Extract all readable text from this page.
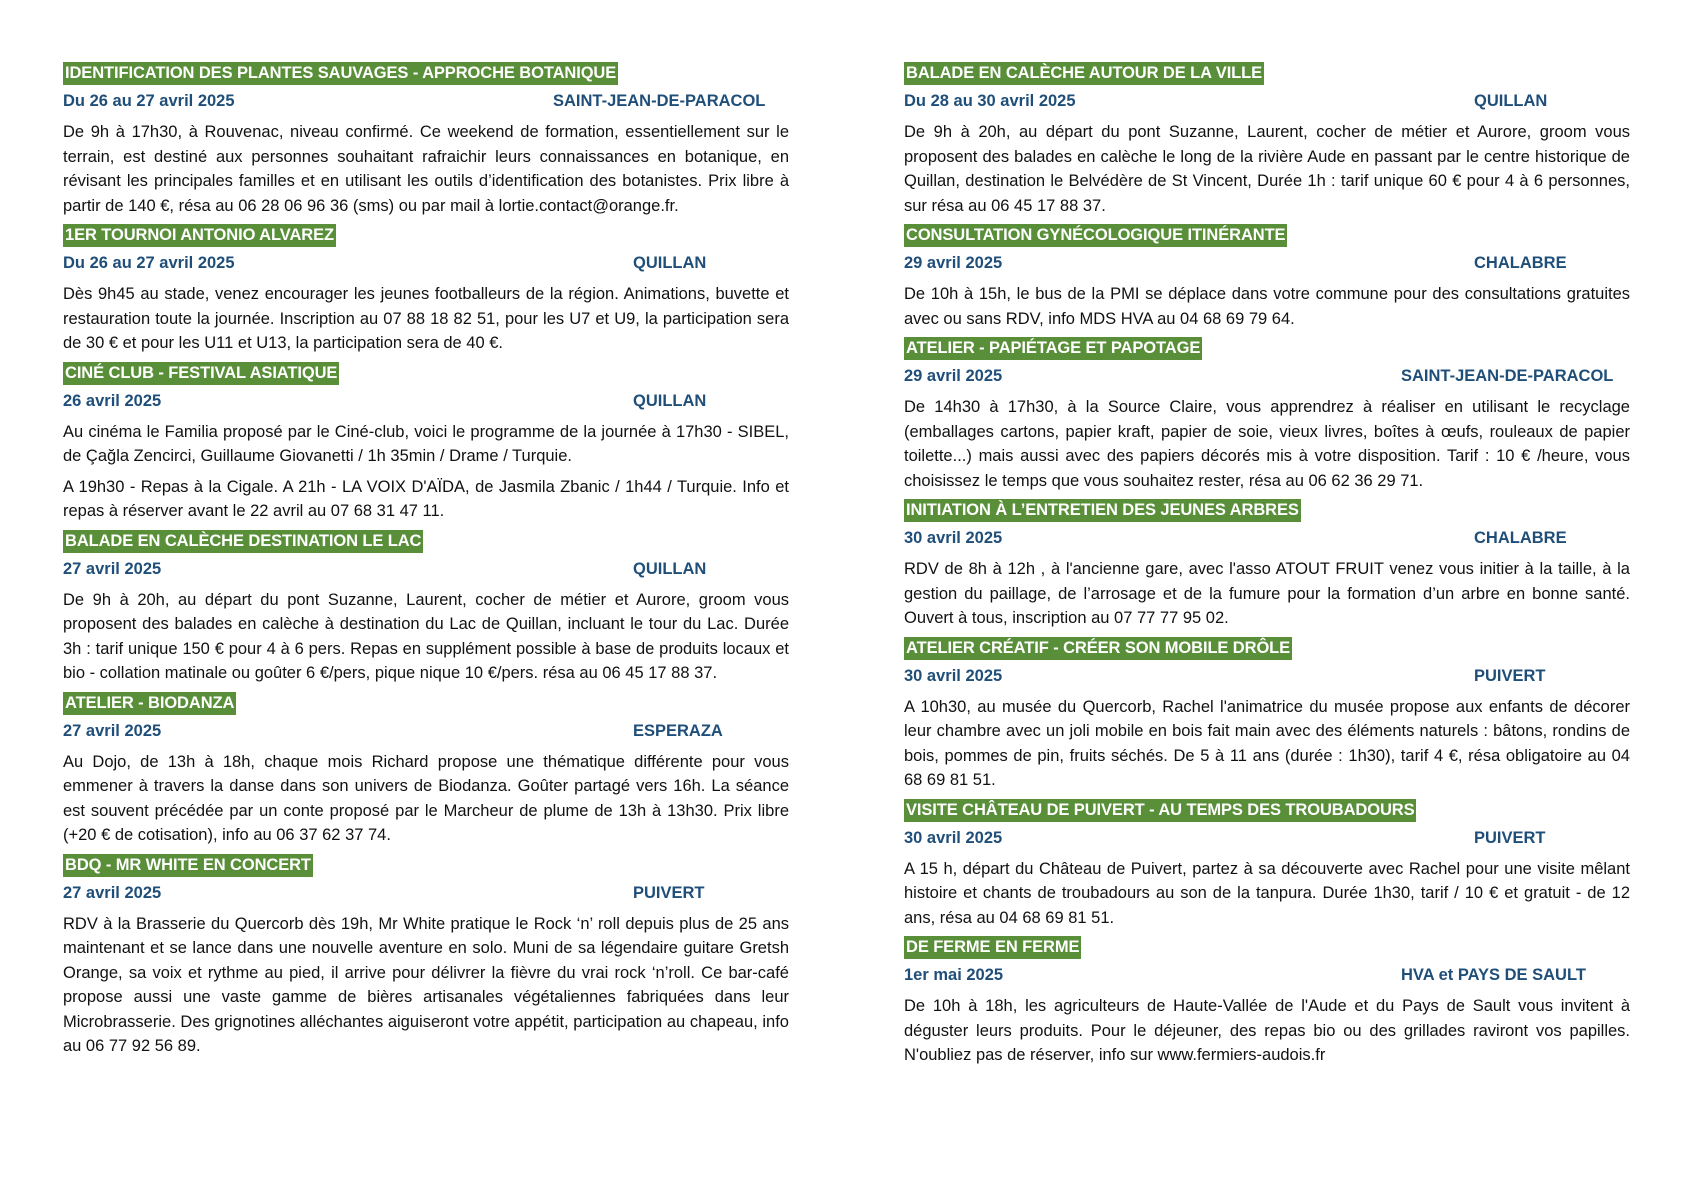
IDENTIFICATION DES PLANTES SAUVAGES - APPROCHE BOTANIQUE
Du 26 au 27 avril 2025	SAINT-JEAN-DE-PARACOL

De 9h à 17h30, à Rouvenac, niveau confirmé. Ce weekend de formation, essentiellement sur le terrain, est destiné aux personnes souhaitant rafraichir leurs connaissances en botanique, en révisant les principales familles et en utilisant les outils d’identification des botanistes. Prix libre à partir de 140 €, résa au 06 28 06 96 36 (sms) ou par mail à lortie.contact@orange.fr.

1ER TOURNOI ANTONIO ALVAREZ
Du 26 au 27 avril 2025	QUILLAN

Dès 9h45 au stade, venez encourager les jeunes footballeurs de la région. Animations, buvette et restauration toute la journée. Inscription au 07 88 18 82 51, pour les U7 et U9, la participation sera de 30 € et pour les U11 et U13, la participation sera de 40 €.

CINÉ CLUB - FESTIVAL ASIATIQUE
26 avril 2025	QUILLAN

Au cinéma le Familia proposé par le Ciné-club, voici le programme de la journée à 17h30 - SIBEL, de Çağla Zencirci, Guillaume Giovanetti / 1h 35min / Drame / Turquie.

A 19h30 - Repas à la Cigale. A 21h - LA VOIX D'AÏDA, de Jasmila Zbanic / 1h44 / Turquie. Info et repas à réserver avant le 22 avril au 07 68 31 47 11.

BALADE EN CALÈCHE DESTINATION LE LAC
27 avril 2025	QUILLAN

De 9h à 20h, au départ du pont Suzanne, Laurent, cocher de métier et Aurore, groom vous proposent des balades en calèche à destination du Lac de Quillan, incluant le tour du Lac. Durée 3h : tarif unique 150 € pour 4 à 6 pers. Repas en supplément possible à base de produits locaux et bio - collation matinale ou goûter 6 €/pers, pique nique 10 €/pers. résa au 06 45 17 88 37.

ATELIER - BIODANZA
27 avril 2025	ESPERAZA

Au Dojo, de 13h à 18h, chaque mois Richard propose une thématique différente pour vous emmener à travers la danse dans son univers de Biodanza. Goûter partagé vers 16h. La séance est souvent précédée par un conte proposé par le Marcheur de plume de 13h à 13h30. Prix libre (+20 € de cotisation), info au 06 37 62 37 74.

BDQ - MR WHITE EN CONCERT
27 avril 2025	PUIVERT

RDV à la Brasserie du Quercorb dès 19h, Mr White pratique le Rock ‘n’ roll depuis plus de 25 ans maintenant et se lance dans une nouvelle aventure en solo. Muni de sa légendaire guitare Gretsh Orange, sa voix et rythme au pied, il arrive pour délivrer la fièvre du vrai rock ‘n’roll. Ce bar-café propose aussi une vaste gamme de bières artisanales végétaliennes fabriquées dans leur Microbrasserie. Des grignotines alléchantes aiguiseront votre appétit, participation au chapeau, info au 06 77 92 56 89.

BALADE EN CALÈCHE AUTOUR DE LA VILLE
Du 28 au 30 avril 2025	QUILLAN

De 9h à 20h, au départ du pont Suzanne, Laurent, cocher de métier et Aurore, groom vous proposent des balades en calèche le long de la rivière Aude en passant par le centre historique de Quillan, destination le Belvédère de St Vincent, Durée 1h : tarif unique 60 € pour 4 à 6 personnes, sur résa au 06 45 17 88 37.

CONSULTATION GYNÉCOLOGIQUE ITINÉRANTE
29 avril 2025	CHALABRE

De 10h à 15h, le bus de la PMI se déplace dans votre commune pour des consultations gratuites avec ou sans RDV, info MDS HVA au 04 68 69 79 64.

ATELIER - PAPIÉTAGE ET PAPOTAGE
29 avril 2025	SAINT-JEAN-DE-PARACOL

De 14h30 à 17h30, à la Source Claire, vous apprendrez à réaliser en utilisant le recyclage (emballages cartons, papier kraft, papier de soie, vieux livres, boîtes à œufs, rouleaux de papier toilette...) mais aussi avec des papiers décorés mis à votre disposition. Tarif : 10 € /heure, vous choisissez le temps que vous souhaitez rester, résa au 06 62 36 29 71.

INITIATION À L’ENTRETIEN DES JEUNES ARBRES
30 avril 2025	CHALABRE

RDV de 8h à 12h , à l'ancienne gare, avec l'asso ATOUT FRUIT venez vous initier à la taille, à la gestion du paillage, de l’arrosage et de la fumure pour la formation d’un arbre en bonne santé. Ouvert à tous, inscription au 07 77 77 95 02.

ATELIER CRÉATIF - CRÉER SON MOBILE DRÔLE
30 avril 2025	PUIVERT

A 10h30, au musée du Quercorb, Rachel l'animatrice du musée propose aux enfants de décorer leur chambre avec un joli mobile en bois fait main avec des éléments naturels : bâtons, rondins de bois, pommes de pin, fruits séchés. De 5 à 11 ans (durée : 1h30), tarif 4 €, résa obligatoire au 04 68 69 81 51.

VISITE CHÂTEAU DE PUIVERT - AU TEMPS DES TROUBADOURS
30 avril 2025	PUIVERT

A 15 h, départ du Château de Puivert, partez à sa découverte avec Rachel pour une visite mêlant histoire et chants de troubadours au son de la tanpura. Durée 1h30, tarif / 10 € et gratuit - de 12 ans, résa au 04 68 69 81 51.

DE FERME EN FERME
1er mai 2025	HVA et PAYS DE SAULT

De 10h à 18h, les agriculteurs de Haute-Vallée de l'Aude et du Pays de Sault vous invitent à déguster leurs produits. Pour le déjeuner, des repas bio ou des grillades raviront vos papilles. N'oubliez pas de réserver, info sur www.fermiers-audois.fr
